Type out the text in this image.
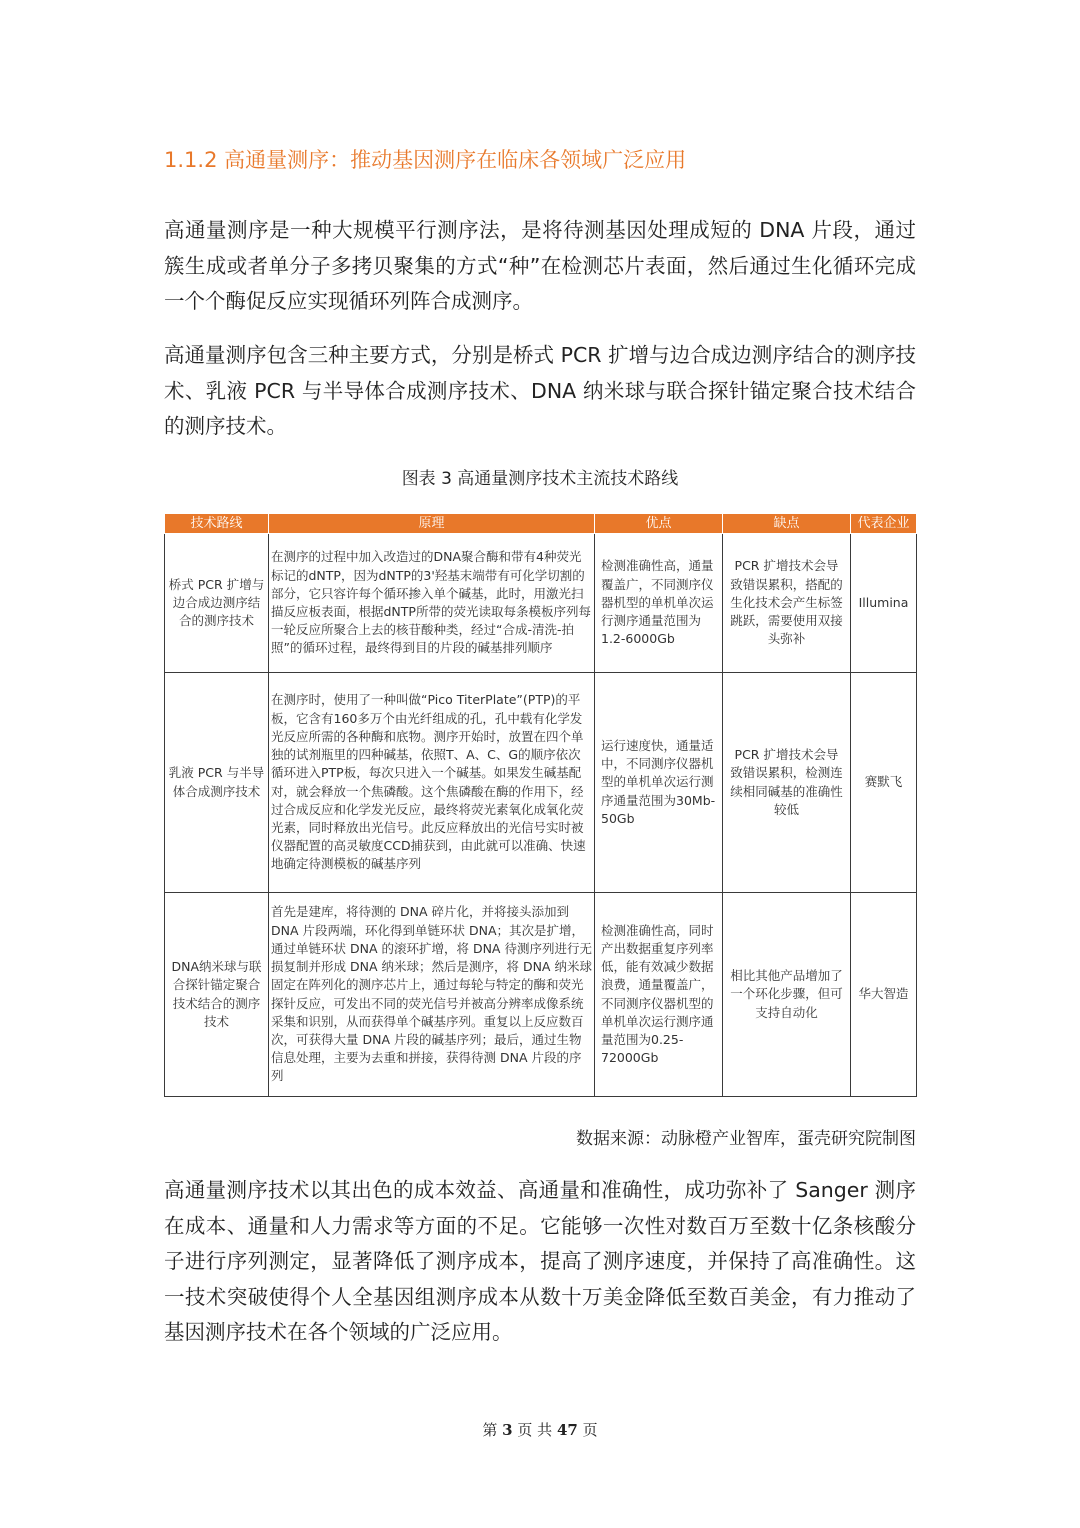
1.1.2 高通量测序：推动基因测序在临床各领域广泛应用

高通量测序是一种大规模平行测序法，是将待测基因处理成短的 DNA 片段，通过簇生成或者单分子多拷贝聚集的方式“种”在检测芯片表面，然后通过生化循环完成一个个酶促反应实现循环列阵合成测序。

高通量测序包含三种主要方式，分别是桥式 PCR 扩增与边合成边测序结合的测序技术、乳液 PCR 与半导体合成测序技术、DNA 纳米球与联合探针锚定聚合技术结合的测序技术。

图表 3 高通量测序技术主流技术路线
技术路线	原理	优点	缺点	代表企业
桥式 PCR 扩增与边合成边测序结合的测序技术	在测序的过程中加入改造过的DNA聚合酶和带有4种荧光标记的dNTP，因为dNTP的3'羟基末端带有可化学切割的部分，它只容许每个循环掺入单个碱基，此时，用激光扫描反应板表面，根据dNTP所带的荧光读取每条模板序列每一轮反应所聚合上去的核苷酸种类，经过“合成-清洗-拍照”的循环过程，最终得到目的片段的碱基排列顺序	检测准确性高，通量覆盖广，不同测序仪器机型的单机单次运行测序通量范围为1.2-6000Gb	PCR 扩增技术会导致错误累积，搭配的生化技术会产生标签跳跃，需要使用双接头弥补	Illumina
乳液 PCR 与半导体合成测序技术	在测序时，使用了一种叫做“Pico TiterPlate”(PTP)的平板，它含有160多万个由光纤组成的孔，孔中载有化学发光反应所需的各种酶和底物。测序开始时，放置在四个单独的试剂瓶里的四种碱基，依照T、A、C、G的顺序依次循环进入PTP板，每次只进入一个碱基。如果发生碱基配对，就会释放一个焦磷酸。这个焦磷酸在酶的作用下，经过合成反应和化学发光反应，最终将荧光素氧化成氧化荧光素，同时释放出光信号。此反应释放出的光信号实时被仪器配置的高灵敏度CCD捕获到，由此就可以准确、快速地确定待测模板的碱基序列	运行速度快，通量适中，不同测序仪器机型的单机单次运行测序通量范围为30Mb-50Gb	PCR 扩增技术会导致错误累积，检测连续相同碱基的准确性较低	赛默飞
DNA纳米球与联合探针锚定聚合技术结合的测序技术	首先是建库，将待测的 DNA 碎片化，并将接头添加到DNA 片段两端，环化得到单链环状 DNA；其次是扩增，通过单链环状 DNA 的滚环扩增，将 DNA 待测序列进行无损复制并形成 DNA 纳米球；然后是测序，将 DNA 纳米球固定在阵列化的测序芯片上，通过每轮与特定的酶和荧光探针反应，可发出不同的荧光信号并被高分辨率成像系统采集和识别，从而获得单个碱基序列。重复以上反应数百次，可获得大量 DNA 片段的碱基序列；最后，通过生物信息处理，主要为去重和拼接，获得待测 DNA 片段的序列	检测准确性高，同时产出数据重复序列率低，能有效减少数据浪费，通量覆盖广，不同测序仪器机型的单机单次运行测序通量范围为0.25-72000Gb	相比其他产品增加了一个环化步骤，但可支持自动化	华大智造
数据来源：动脉橙产业智库，蛋壳研究院制图

高通量测序技术以其出色的成本效益、高通量和准确性，成功弥补了 Sanger 测序在成本、通量和人力需求等方面的不足。它能够一次性对数百万至数十亿条核酸分子进行序列测定，显著降低了测序成本，提高了测序速度，并保持了高准确性。这一技术突破使得个人全基因组测序成本从数十万美金降低至数百美金，有力推动了基因测序技术在各个领域的广泛应用。

第 3 页 共 47 页
